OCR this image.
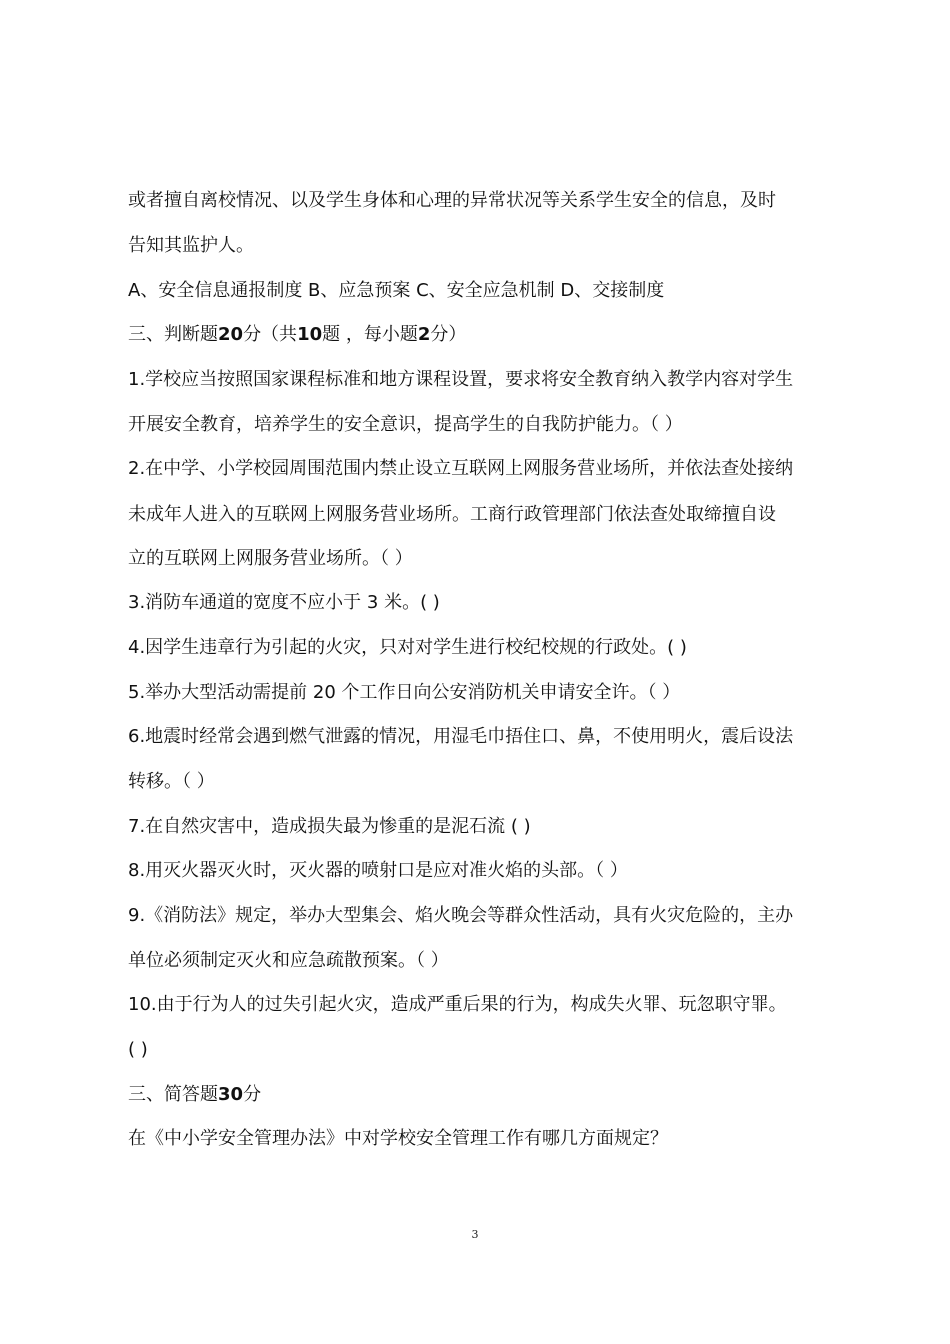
或者擅自离校情况、以及学生身体和心理的异常状况等关系学生安全的信息，及时
告知其监护人。
A、安全信息通报制度 B、应急预案 C、安全应急机制 D、交接制度
三、判断题20分（共10题 ，每小题2分）
1.学校应当按照国家课程标准和地方课程设置，要求将安全教育纳入教学内容对学生
开展安全教育，培养学生的安全意识，提高学生的自我防护能力。（ ）
2.在中学、小学校园周围范围内禁止设立互联网上网服务营业场所，并依法查处接纳
未成年人进入的互联网上网服务营业场所。工商行政管理部门依法查处取缔擅自设
立的互联网上网服务营业场所。（ ）
3.消防车通道的宽度不应小于 3 米。( )
4.因学生违章行为引起的火灾，只对对学生进行校纪校规的行政处。( )
5.举办大型活动需提前 20 个工作日向公安消防机关申请安全许。（ ）
6.地震时经常会遇到燃气泄露的情况，用湿毛巾捂住口、鼻，不使用明火，震后设法
转移。（ ）
7.在自然灾害中，造成损失最为惨重的是泥石流 ( )
8.用灭火器灭火时，灭火器的喷射口是应对准火焰的头部。（ ）
9.《消防法》规定，举办大型集会、焰火晚会等群众性活动，具有火灾危险的，主办
单位必须制定灭火和应急疏散预案。（ ）
10.由于行为人的过失引起火灾，造成严重后果的行为，构成失火罪、玩忽职守罪。
( )
三、简答题30分
在《中小学安全管理办法》中对学校安全管理工作有哪几方面规定？
3
